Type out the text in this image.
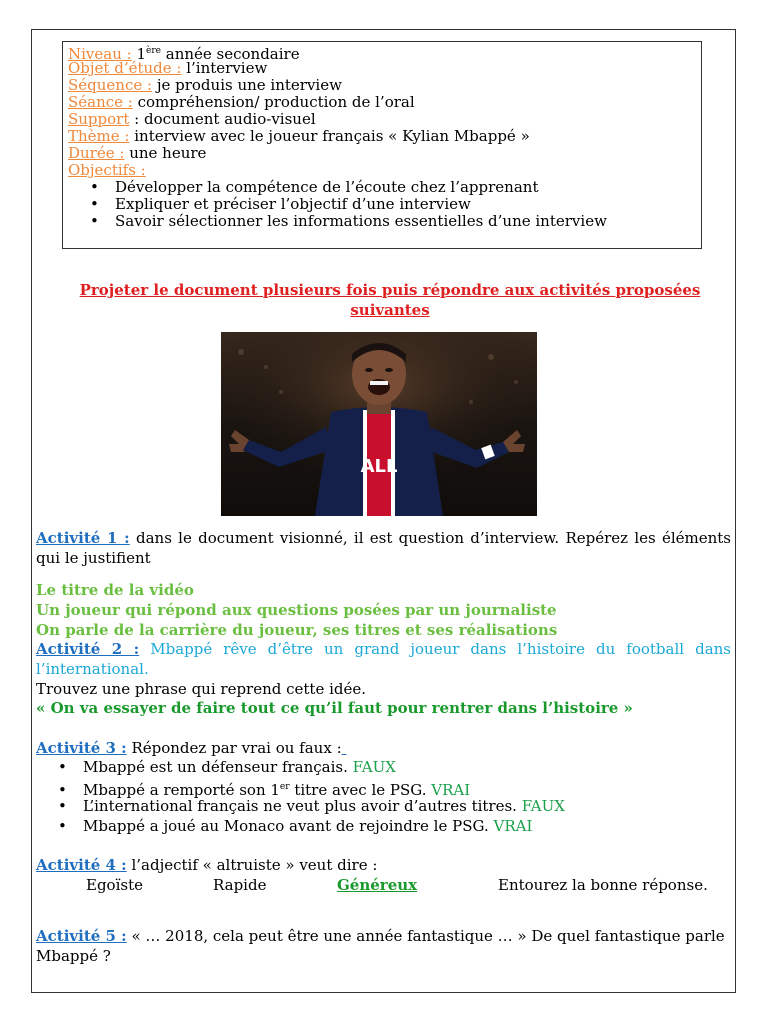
Niveau : 1ère année secondaire
Objet d’étude : l’interview
Séquence : je produis une interview
Séance : compréhension/ production de l’oral
Support : document audio-visuel
Thème : interview avec le joueur français « Kylian Mbappé »
Durée : une heure
Objectifs :
• Développer la compétence de l’écoute chez l’apprenant
• Expliquer et préciser l’objectif d’une interview
• Savoir sélectionner les informations essentielles d’une interview
Projeter le document plusieurs fois puis répondre aux activités proposées
suivantes
ALL
Activité 1 : dans le document visionné, il est question d’interview. Repérez les éléments qui le justifient
Le titre de la vidéo
Un joueur qui répond aux questions posées par un journaliste
On parle de la carrière du joueur, ses titres et ses réalisations
Activité 2 : Mbappé rêve d’être un grand joueur dans l’histoire du football dans l’international.
Trouvez une phrase qui reprend cette idée.
« On va essayer de faire tout ce qu’il faut pour rentrer dans l’histoire »
Activité 3 : Répondez par vrai ou faux :
• Mbappé est un défenseur français. FAUX
• Mbappé a remporté son 1er titre avec le PSG. VRAI
• L’international français ne veut plus avoir d’autres titres. FAUX
• Mbappé a joué au Monaco avant de rejoindre le PSG. VRAI
Activité 4 : l’adjectif « altruiste » veut dire :
Egoïste	Rapide	Généreux	Entourez la bonne réponse.
Activité 5 : « … 2018, cela peut être une année fantastique … » De quel fantastique parle Mbappé ?
